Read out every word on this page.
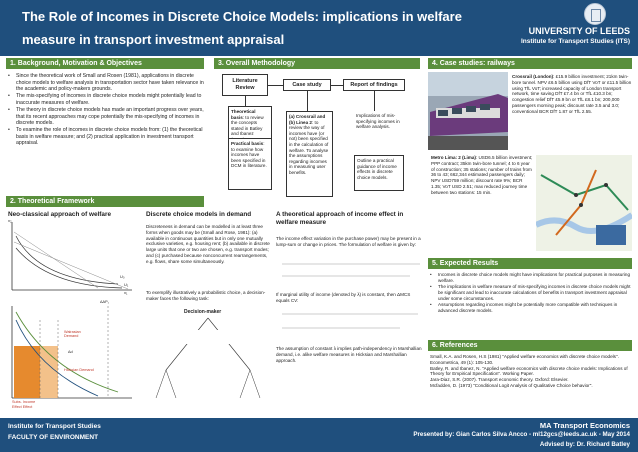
The Role of Incomes in Discrete Choice Models: implications in welfare measure in transport investment appraisal
UNIVERSITY OF LEEDS
Institute for Transport Studies (ITS)
1. Background, Motivation & Objectives
• Since the theoretical work of Small and Rosen (1981), applications in discrete choice models to welfare analysis in transportation sector have taken relevance in the academic and policy-makers grounds.
• The mis-specifying of incomes in discrete choice models might potentially lead to inaccurate measures of welfare.
• The theory in discrete choice models has made an important progress over years, that its recent approaches may cope potentially the mis-specifying of incomes in discrete models.
• To examine the role of incomes in discrete choice models from: (1) the theoretical basis in welfare measure; and (2) practical application in investment transport appraisal.
3. Overall Methodology
Literature Review
Case study	Report of findings
Theoretical basis: to review the concepts stated in Batley and Ibanez
Practical basis: to examine how incomes have been specified in DCM in literature.
(a) Crossrail and (b) Linea 2: to review the way of incomes have (or not) been specified in the calculation of welfare. To analyse the assumptions regarding incomes in measuring user benefits.
Implications of mis-specifying incomes in welfare analysis.
Outline a practical guidance of income effects in discrete choice models.
4. Case studies: railways
Crossrail (London): £15.9 billion investment; 21km twin-bore tunnel. NPV £6.5 billion using DfT VoT or £11.5 billion using TfL VoT; increased capacity of London transport network, time saving DfT £7.4 bn or TfL £10.3 bn; congestion relief DfT £5.9 bn or TfL £8.1 bn; 200,000 passengers morning peak; discount rate 3.5 and 3.0; conventional BCR DfT 1.87 or TfL 2.55.
Metro Lima: 2 (Lima): USD6.5 billion investment; PPP contract; 35km twin-bore tunnel; 4 to 6 year of construction; 35 stations; number of trains from 36 to 43; 662,344 estimated passengers daily; NPV USD759 million; discount rate 9%; BCR 1.35; VoT USD 2.51; max reduced journey time between two stations: 15 min.
2. Theoretical Framework
Neo-classical approach of welfare
x₂
x₁
U₀
U₁
Walrasian Demand
Hicksian Demand
Subs. Income
Effect Effect
Δd
ΔAP₁
Discrete choice models in demand
Discreteness in demand can be modelled in at least three forms when goods may be (Small and Rose, 1981): (a) available in continuous quantities but in only one mutually exclusive varieties, e.g. housing rent; (b) available in discrete large units that one or two are chosen, e.g. transport modes; and (c) purchased because nonconcurrent rearrangements, e.g. flows, share some simultaneously.
To exemplify illustratively a probabilistic choice, a decision-maker faces the following task:
Decision-maker
A theoretical approach of income effect in welfare measure
The income effect variation in the purchase power) may be present in a lump-sum or change in prices. The formulation of welfare is given by:
If marginal utility of income (denoted by λ) is constant, then ΔMCS equals CV:
The assumption of constant λ implies path-independency in Marshallian demand, i.e. alike welfare measures in Hicksian and Marshallian approach.
5. Expected Results
• Incomes in discrete choice models might have implications for practical purposes in measuring welfare.
• The implications in welfare measure of mis-specifying incomes in discrete choice models might be significant and lead to inaccurate calculations of benefits in transport investment appraisal under some circumstances.
• Assumptions regarding incomes might be potentially more compatible with techniques in advanced discrete models.
6. References
Small, K.A. and Rosen, H.S (1981) "Applied welfare economics with discrete choice models". Econometrica, 49 (1): 105-130.
Batley, R. and Ibanez, N. "Applied welfare economics with discrete choice models: Implications of Theory for Empirical Specification". Working Paper.
Jara-Diaz, S.R. (2007). Transport economic theory. Oxford: Elsevier.
Mcfadden, D. (1973) "Conditional Logit Analysis of Qualitative Choice behavior".
Institute for Transport Studies
FACULTY OF ENVIRONMENT
MA Transport Economics
Presented by: Gian Carlos Silva Ancco - ml12gcs@leeds.ac.uk - May 2014
Advised by: Dr. Richard Batley
